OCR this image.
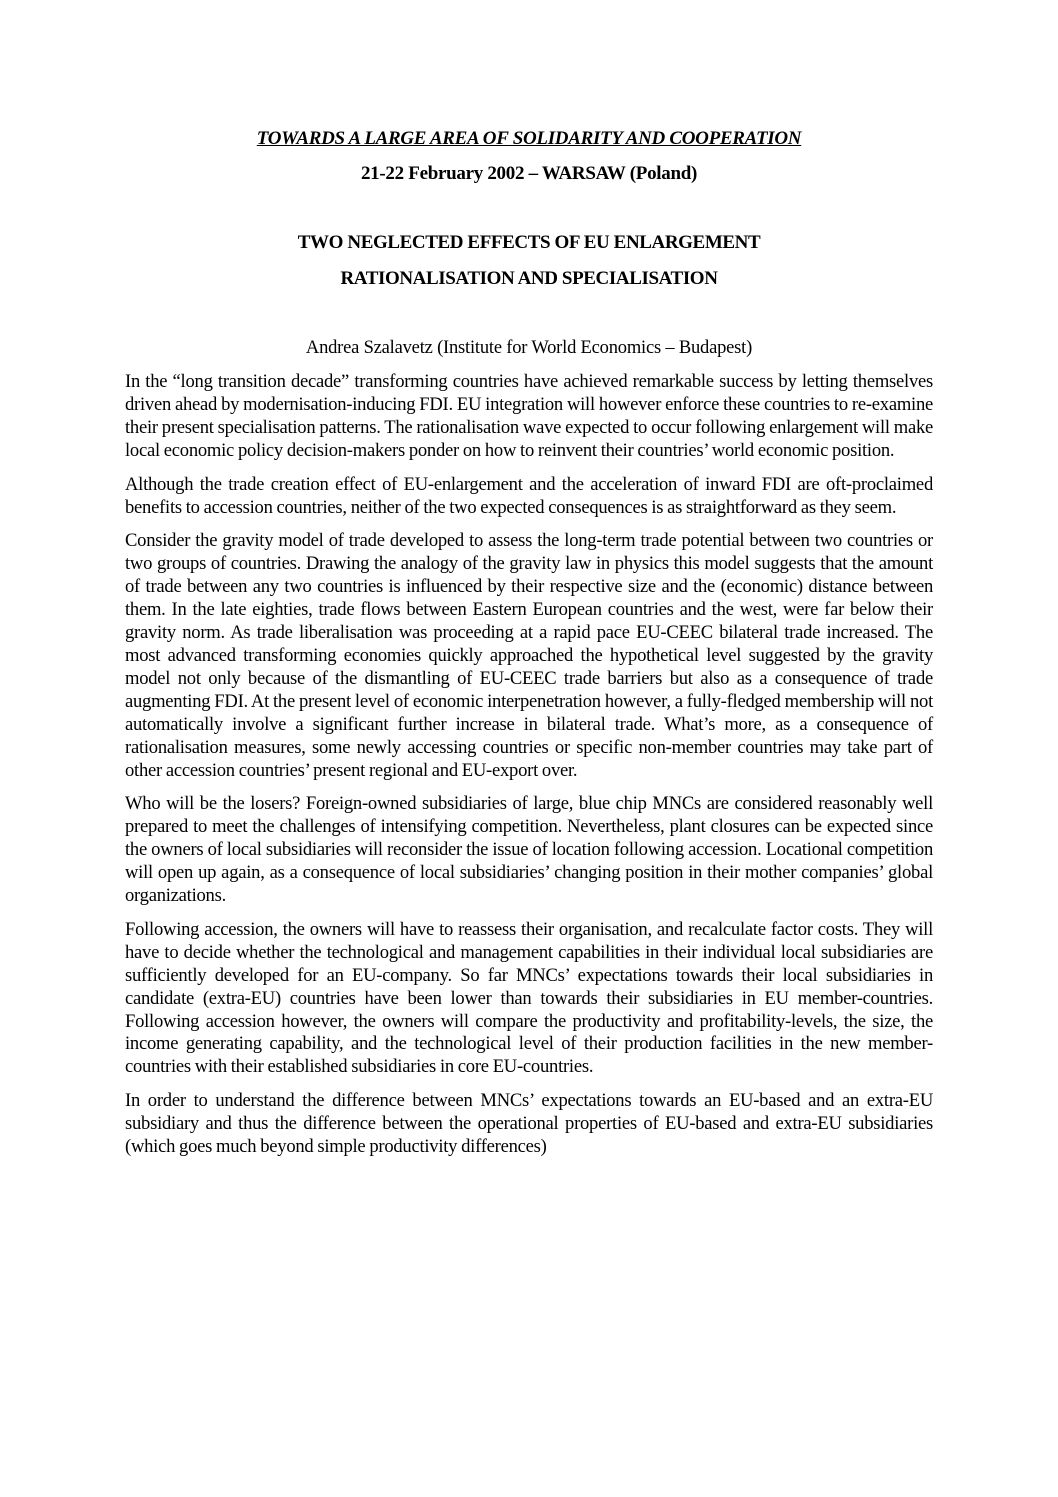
TOWARDS A LARGE AREA OF SOLIDARITY AND COOPERATION
21-22 February 2002 – WARSAW (Poland)
TWO NEGLECTED EFFECTS OF EU ENLARGEMENT
RATIONALISATION AND SPECIALISATION

Andrea Szalavetz (Institute for World Economics – Budapest)

In the “long transition decade” transforming countries have achieved remarkable success by letting themselves driven ahead by modernisation-inducing FDI. EU integration will however enforce these countries to re-examine their present specialisation patterns. The rationalisation wave expected to occur following enlargement will make local economic policy decision-makers ponder on how to reinvent their countries’ world economic position.

Although the trade creation effect of EU-enlargement and the acceleration of inward FDI are oft-proclaimed benefits to accession countries, neither of the two expected consequences is as straightforward as they seem.

Consider the gravity model of trade developed to assess the long-term trade potential between two countries or two groups of countries. Drawing the analogy of the gravity law in physics this model suggests that the amount of trade between any two countries is influenced by their respective size and the (economic) distance between them. In the late eighties, trade flows between Eastern European countries and the west, were far below their gravity norm. As trade liberalisation was proceeding at a rapid pace EU-CEEC bilateral trade increased. The most advanced transforming economies quickly approached the hypothetical level suggested by the gravity model not only because of the dismantling of EU-CEEC trade barriers but also as a consequence of trade augmenting FDI. At the present level of economic interpenetration however, a fully-fledged membership will not automatically involve a significant further increase in bilateral trade. What’s more, as a consequence of rationalisation measures, some newly accessing countries or specific non-member countries may take part of other accession countries’ present regional and EU-export over.

Who will be the losers? Foreign-owned subsidiaries of large, blue chip MNCs are considered reasonably well prepared to meet the challenges of intensifying competition. Nevertheless, plant closures can be expected since the owners of local subsidiaries will reconsider the issue of location following accession. Locational competition will open up again, as a consequence of local subsidiaries’ changing position in their mother companies’ global organizations.

Following accession, the owners will have to reassess their organisation, and recalculate factor costs. They will have to decide whether the technological and management capabilities in their individual local subsidiaries are sufficiently developed for an EU-company. So far MNCs’ expectations towards their local subsidiaries in candidate (extra-EU) countries have been lower than towards their subsidiaries in EU member-countries. Following accession however, the owners will compare the productivity and profitability-levels, the size, the income generating capability, and the technological level of their production facilities in the new member-countries with their established subsidiaries in core EU-countries.

In order to understand the difference between MNCs’ expectations towards an EU-based and an extra-EU subsidiary and thus the difference between the operational properties of EU-based and extra-EU subsidiaries (which goes much beyond simple productivity differences)
